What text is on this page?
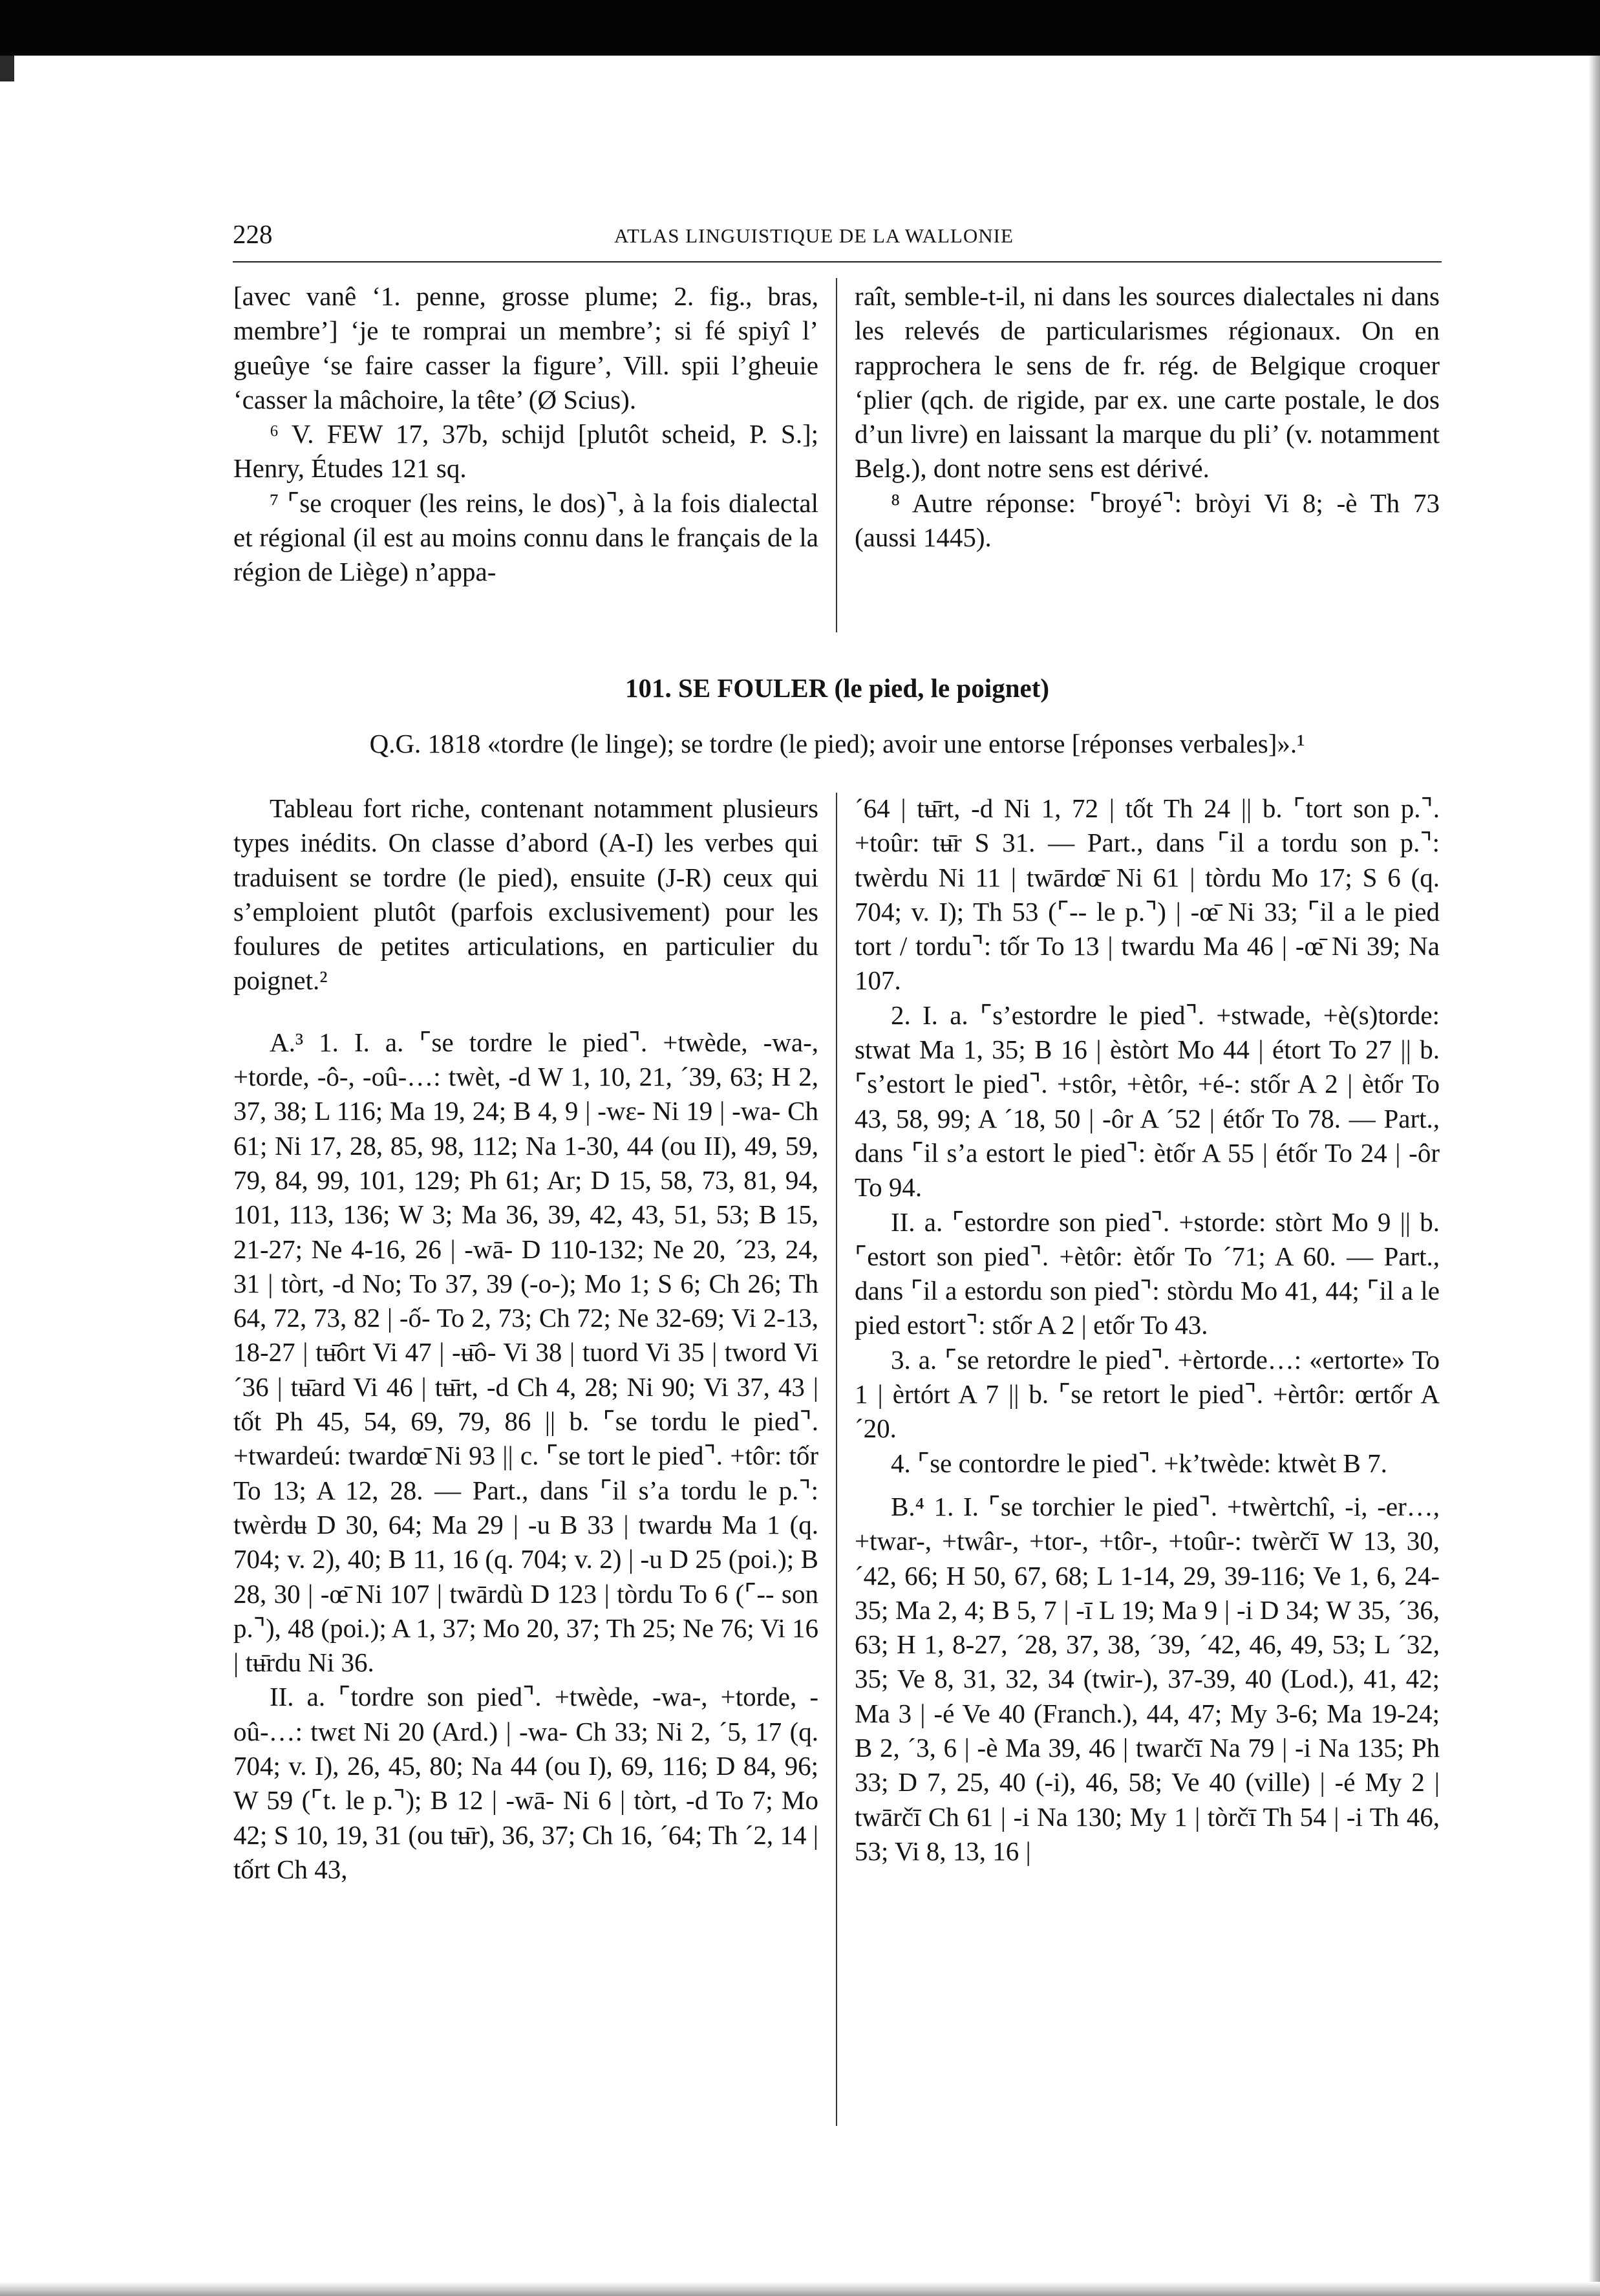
228	ATLAS LINGUISTIQUE DE LA WALLONIE

[avec vanê ‘1. penne, grosse plume; 2. fig., bras, membre’] ‘je te romprai un membre’; si fé spiyî l’ gueûye ‘se faire casser la figure’, Vill. spii l’gheuie ‘casser la mâchoire, la tête’ (Ø Scius).

⁶ V. FEW 17, 37b, schijd [plutôt scheid, P. S.]; Henry, Études 121 sq.

⁷ ⌜se croquer (les reins, le dos)⌝, à la fois dialectal et régional (il est au moins connu dans le français de la région de Liège) n’appa-

raît, semble-t-il, ni dans les sources dialectales ni dans les relevés de particularismes régionaux. On en rapprochera le sens de fr. rég. de Belgique croquer ‘plier (qch. de rigide, par ex. une carte postale, le dos d’un livre) en laissant la marque du pli’ (v. notamment Belg.), dont notre sens est dérivé.

⁸ Autre réponse: ⌜broyé⌝: bròyi Vi 8; -è Th 73 (aussi 1445).

101. SE FOULER (le pied, le poignet)
Q.G. 1818 «tordre (le linge); se tordre (le pied); avoir une entorse [réponses verbales]».¹

Tableau fort riche, contenant notamment plusieurs types inédits. On classe d’abord (A-I) les verbes qui traduisent se tordre (le pied), ensuite (J-R) ceux qui s’emploient plutôt (parfois exclusivement) pour les foulures de petites articulations, en particulier du poignet.²

A.³ 1. I. a. ⌜se tordre le pied⌝. +twède, -wa-, +torde, -ô-, -oû-…: twèt, -d W 1, 10, 21, ´39, 63; H 2, 37, 38; L 116; Ma 19, 24; B 4, 9 | -wε- Ni 19 | -wa- Ch 61; Ni 17, 28, 85, 98, 112; Na 1-30, 44 (ou II), 49, 59, 79, 84, 99, 101, 129; Ph 61; Ar; D 15, 58, 73, 81, 94, 101, 113, 136; W 3; Ma 36, 39, 42, 43, 51, 53; B 15, 21-27; Ne 4-16, 26 | -wā- D 110-132; Ne 20, ´23, 24, 31 | tòrt, -d No; To 37, 39 (-o-); Mo 1; S 6; Ch 26; Th 64, 72, 73, 82 | -ố- To 2, 73; Ch 72; Ne 32-69; Vi 2-13, 18-27 | tʉ̄ôrt Vi 47 | -ʉ̄ô- Vi 38 | tuord Vi 35 | tword Vi ´36 | tʉ̄ard Vi 46 | tʉ̄rt, -d Ch 4, 28; Ni 90; Vi 37, 43 | tốt Ph 45, 54, 69, 79, 86 || b. ⌜se tordu le pied⌝. +twardeú: twardœ̄ Ni 93 || c. ⌜se tort le pied⌝. +tôr: tốr To 13; A 12, 28. — Part., dans ⌜il s’a tordu le p.⌝: twèrdʉ D 30, 64; Ma 29 | -u B 33 | twardʉ Ma 1 (q. 704; v. 2), 40; B 11, 16 (q. 704; v. 2) | -u D 25 (poi.); B 28, 30 | -œ̄ Ni 107 | twārdù D 123 | tòrdu To 6 (⌜-- son p.⌝), 48 (poi.); A 1, 37; Mo 20, 37; Th 25; Ne 76; Vi 16 | tʉ̄rdu Ni 36.

II. a. ⌜tordre son pied⌝. +twède, -wa-, +torde, -oû-…: twεt Ni 20 (Ard.) | -wa- Ch 33; Ni 2, ´5, 17 (q. 704; v. I), 26, 45, 80; Na 44 (ou I), 69, 116; D 84, 96; W 59 (⌜t. le p.⌝); B 12 | -wā- Ni 6 | tòrt, -d To 7; Mo 42; S 10, 19, 31 (ou tʉ̄r), 36, 37; Ch 16, ´64; Th ´2, 14 | tốrt Ch 43,

´64 | tʉ̄rt, -d Ni 1, 72 | tốt Th 24 || b. ⌜tort son p.⌝. +toûr: tʉ̄r S 31. — Part., dans ⌜il a tordu son p.⌝: twèrdu Ni 11 | twārdœ̄ Ni 61 | tòrdu Mo 17; S 6 (q. 704; v. I); Th 53 (⌜-- le p.⌝) | -œ̄ Ni 33; ⌜il a le pied tort / tordu⌝: tốr To 13 | twardu Ma 46 | -œ̄ Ni 39; Na 107.

2. I. a. ⌜s’estordre le pied⌝. +stwade, +è(s)torde: stwat Ma 1, 35; B 16 | èstòrt Mo 44 | étort To 27 || b. ⌜s’estort le pied⌝. +stôr, +ètôr, +é-: stốr A 2 | ètốr To 43, 58, 99; A ´18, 50 | -ôr A ´52 | étốr To 78. — Part., dans ⌜il s’a estort le pied⌝: ètốr A 55 | étốr To 24 | -ôr To 94.

II. a. ⌜estordre son pied⌝. +storde: stòrt Mo 9 || b. ⌜estort son pied⌝. +ètôr: ètốr To ´71; A 60. — Part., dans ⌜il a estordu son pied⌝: stòrdu Mo 41, 44; ⌜il a le pied estort⌝: stốr A 2 | etốr To 43.

3. a. ⌜se retordre le pied⌝. +èrtorde…: «ertorte» To 1 | èrtórt A 7 || b. ⌜se retort le pied⌝. +èrtôr: œrtốr A ´20.

4. ⌜se contordre le pied⌝. +k’twède: ktwèt B 7.

B.⁴ 1. I. ⌜se torchier le pied⌝. +twèrtchî, -i, -er…, +twar-, +twâr-, +tor-, +tôr-, +toûr-: twèrčī W 13, 30, ´42, 66; H 50, 67, 68; L 1-14, 29, 39-116; Ve 1, 6, 24-35; Ma 2, 4; B 5, 7 | -ī L 19; Ma 9 | -i D 34; W 35, ´36, 63; H 1, 8-27, ´28, 37, 38, ´39, ´42, 46, 49, 53; L ´32, 35; Ve 8, 31, 32, 34 (twir-), 37-39, 40 (Lod.), 41, 42; Ma 3 | -é Ve 40 (Franch.), 44, 47; My 3-6; Ma 19-24; B 2, ´3, 6 | -è Ma 39, 46 | twarčī Na 79 | -i Na 135; Ph 33; D 7, 25, 40 (-i), 46, 58; Ve 40 (ville) | -é My 2 | twārčī Ch 61 | -i Na 130; My 1 | tòrčī Th 54 | -i Th 46, 53; Vi 8, 13, 16 |
